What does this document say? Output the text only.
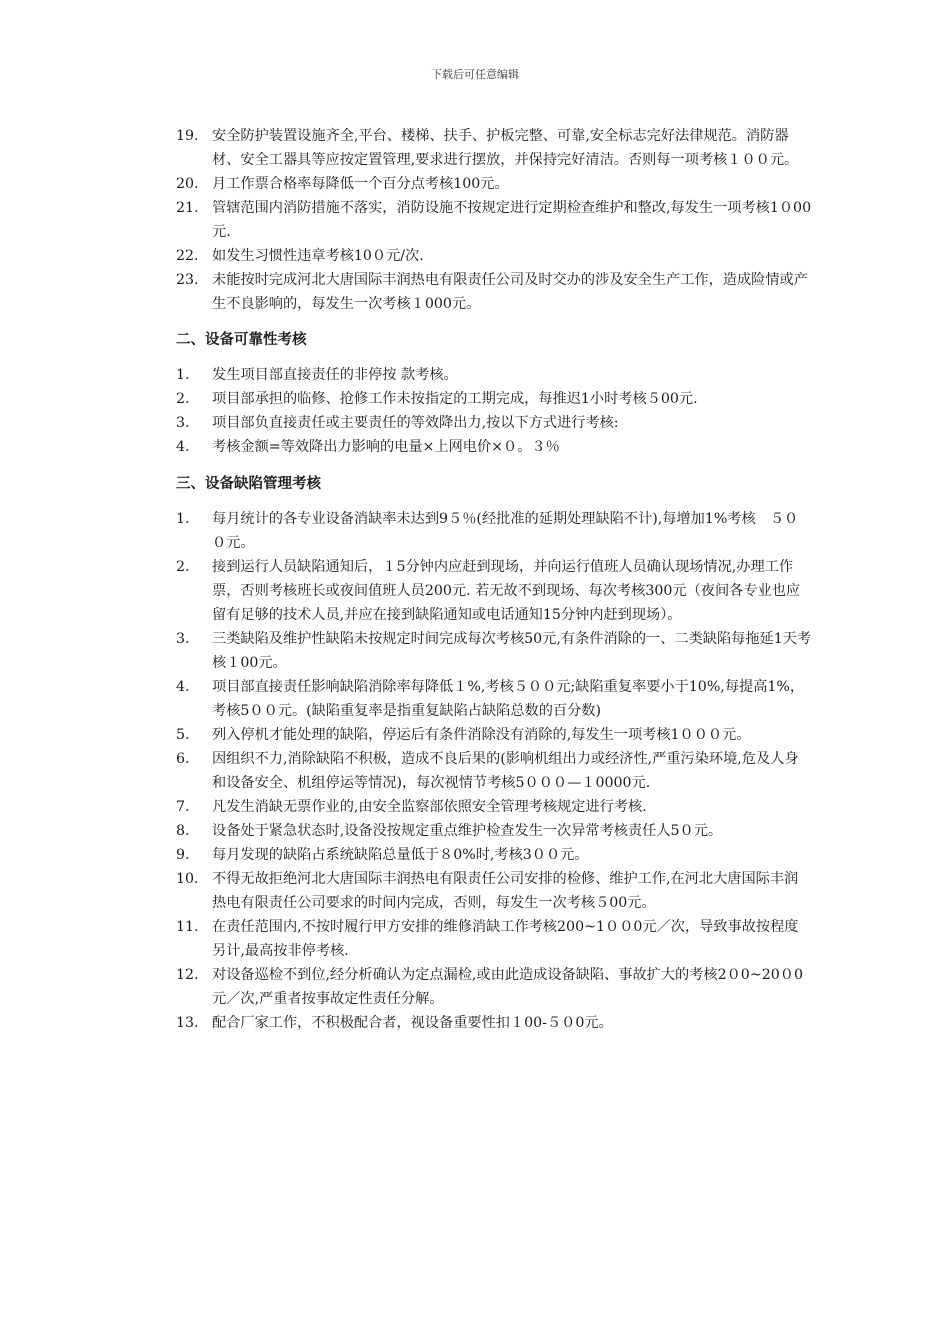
下载后可任意编辑
19. 安全防护装置设施齐全,平台、楼梯、扶手、护板完整、可靠,安全标志完好法律规范。消防器材、安全工器具等应按定置管理,要求进行摆放，并保持完好清洁。否则每一项考核１００元。
20. 月工作票合格率每降低一个百分点考核100元。
21. 管辖范围内消防措施不落实，消防设施不按规定进行定期检查维护和整改,每发生一项考核1０00元.
22. 如发生习惯性违章考核10０元/次.
23. 未能按时完成河北大唐国际丰润热电有限责任公司及时交办的涉及安全生产工作，造成险情或产生不良影响的，每发生一次考核１000元。
二、设备可靠性考核
1. 发生项目部直接责任的非停按 款考核。
2. 项目部承担的临修、抢修工作未按指定的工期完成，每推迟1小时考核５00元.
3. 项目部负直接责任或主要责任的等效降出力,按以下方式进行考核:
4. 考核金额=等效降出力影响的电量×上网电价×０。３％
三、设备缺陷管理考核
1. 每月统计的各专业设备消缺率未达到9５％(经批准的延期处理缺陷不计),每增加1%考核　５００元。
2. 接到运行人员缺陷通知后，１5分钟内应赶到现场，并向运行值班人员确认现场情况,办理工作票，否则考核班长或夜间值班人员200元. 若无故不到现场、每次考核300元（夜间各专业也应留有足够的技术人员,并应在接到缺陷通知或电话通知15分钟内赶到现场）。
3. 三类缺陷及维护性缺陷未按规定时间完成每次考核50元,有条件消除的一、二类缺陷每拖延1天考核１00元。
4. 项目部直接责任影响缺陷消除率每降低１%,考核５００元;缺陷重复率要小于10%,每提高1%，考核5００元。(缺陷重复率是指重复缺陷占缺陷总数的百分数)
5. 列入停机才能处理的缺陷，停运后有条件消除没有消除的,每发生一项考核1０００元。
6. 因组织不力,消除缺陷不积极，造成不良后果的(影响机组出力或经济性,严重污染环境,危及人身和设备安全、机组停运等情况)，每次视情节考核5０００—１0000元.
7. 凡发生消缺无票作业的,由安全监察部依照安全管理考核规定进行考核.
8. 设备处于紧急状态时,设备没按规定重点维护检查发生一次异常考核责任人5０元。
9. 每月发现的缺陷占系统缺陷总量低于８0%时,考核3００元。
10. 不得无故拒绝河北大唐国际丰润热电有限责任公司安排的检修、维护工作,在河北大唐国际丰润热电有限责任公司要求的时间内完成，否则，每发生一次考核５00元。
11. 在责任范围内,不按时履行甲方安排的维修消缺工作考核200~1００0元／次，导致事故按程度另计,最高按非停考核.
12. 对设备巡检不到位,经分析确认为定点漏检,或由此造成设备缺陷、事故扩大的考核2０0~20０0元／次,严重者按事故定性责任分解。
13. 配合厂家工作，不积极配合者，视设备重要性扣１00-５０0元。
